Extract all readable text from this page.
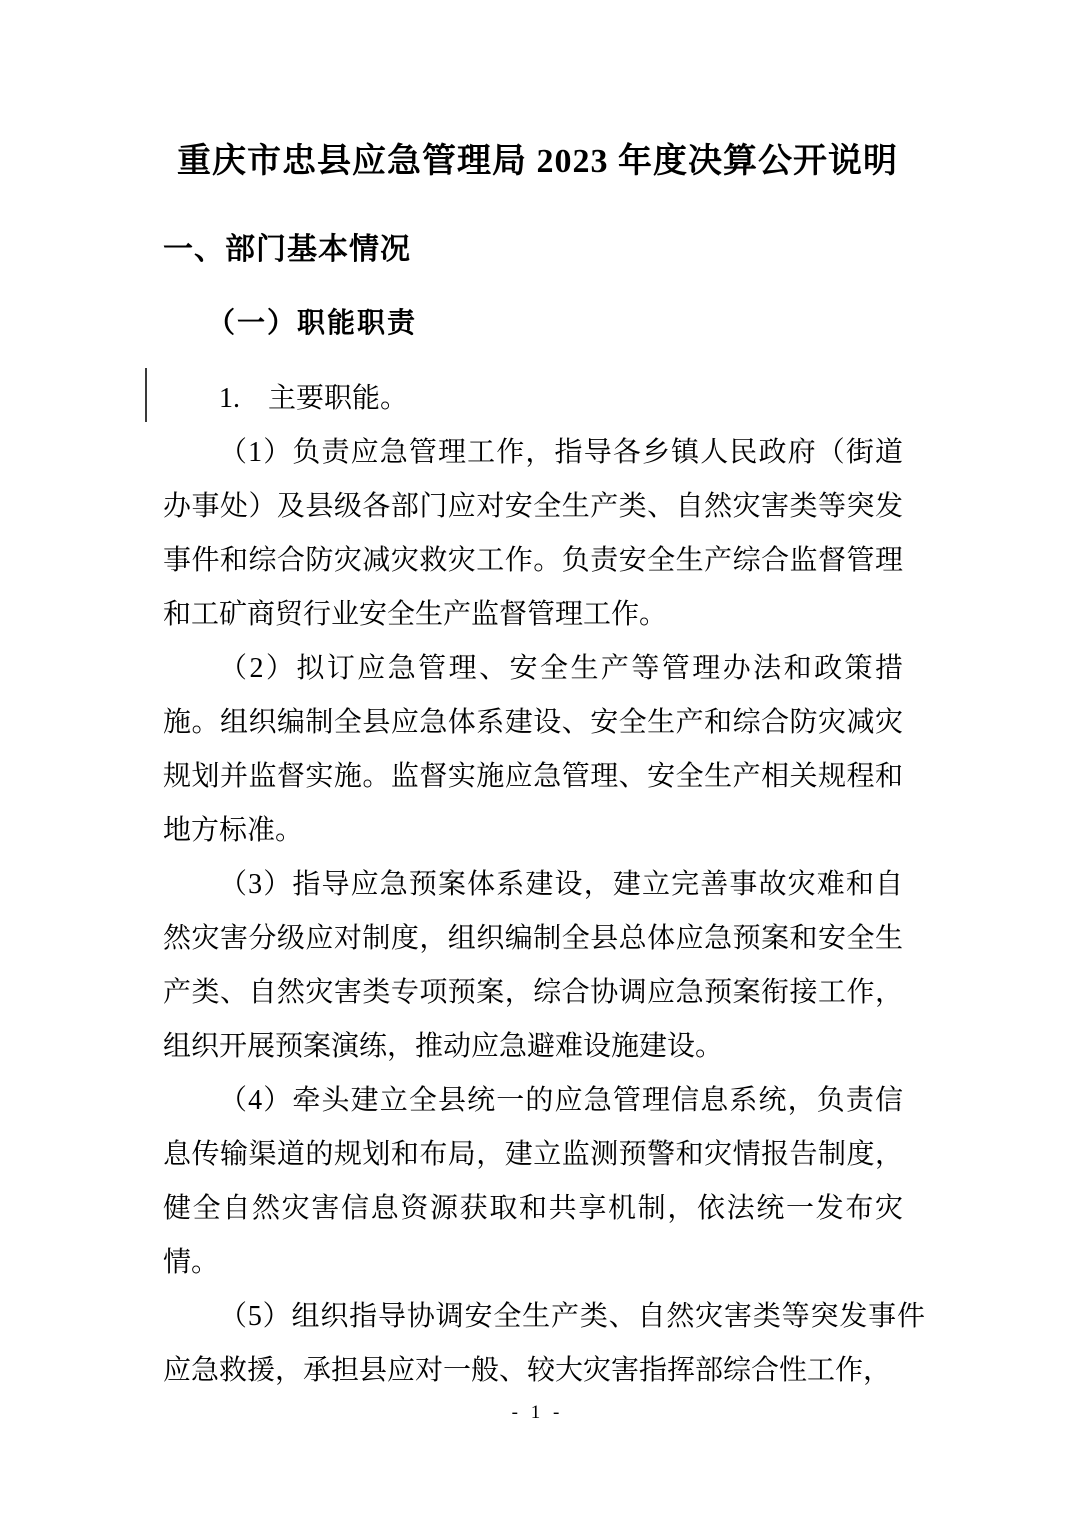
重庆市忠县应急管理局 2023 年度决算公开说明
一、部门基本情况
（一）职能职责

1.　主要职能。

（1）负责应急管理工作，指导各乡镇人民政府（街道办事处）及县级各部门应对安全生产类、自然灾害类等突发事件和综合防灾减灾救灾工作。负责安全生产综合监督管理和工矿商贸行业安全生产监督管理工作。

（2）拟订应急管理、安全生产等管理办法和政策措施。组织编制全县应急体系建设、安全生产和综合防灾减灾规划并监督实施。监督实施应急管理、安全生产相关规程和地方标准。

（3）指导应急预案体系建设，建立完善事故灾难和自然灾害分级应对制度，组织编制全县总体应急预案和安全生产类、自然灾害类专项预案，综合协调应急预案衔接工作，组织开展预案演练，推动应急避难设施建设。

（4）牵头建立全县统一的应急管理信息系统，负责信息传输渠道的规划和布局，建立监测预警和灾情报告制度，健全自然灾害信息资源获取和共享机制，依法统一发布灾情。

（5）组织指导协调安全生产类、自然灾害类等突发事件应急救援，承担县应对一般、较大灾害指挥部综合性工作，

- 1 -
